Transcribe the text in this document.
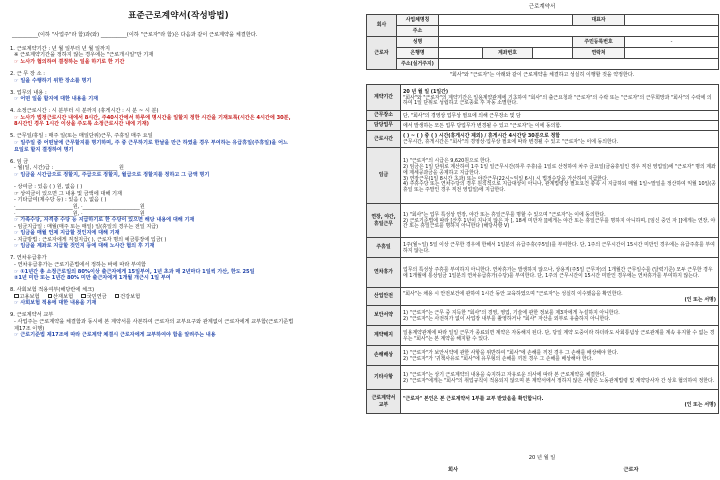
표준근로계약서(작성방법)
__________(이하 "사업주"라 함)과(와) __________(이하 "근로자"라 함)은 다음과 같이 근로계약을 체결한다.
1. 근로계약기간 : 년 월 일부터 년 월 일까지
※ 근로계약기간을 정하지 않는 경우에는 "근로개시일"만 기재
☞ 노사가 협의하여 결정하는 일을 하기로 한 기간
2. 근 무 장 소 :
☞ 일을 수행하기 위한 장소를 명기
3. 업무의 내용 :
☞ 어떤 일을 할지에 대한 내용을 기재
4. 소정근로시간 : 시 분부터 시 분까지 (휴게시간 : 시 분 ~ 시 분)
☞ 노사가 법정근로시간 내에서 8시간, 주40시간에서 하루에 명시간을 일할지 정한 시간을 기재토록(시간은 4시간에 30분,
8시간인 경우 1시간 이상을 주도록 소정근로시간 내에 기재)
5. 근무일/휴일 : 매주 일(또는 매일단위)근무, 주휴일 매주 요일
☞ 일주일 중 어떤날에 근무할지를 명기하며, 주 중 근무하기로 한날을 만근 하였을 경우 부여하는 유급휴일(주휴일)을 어느
요일로 할지 결정하여 명기
6. 임 금
- 월(일, 시간)급 : ________________________ 원
☞ 임금을 시간급으로 정할지, 주급으로 정할지, 월급으로 정할지를 정하고 그 금액 명기
- 상여금 : 있음 ( ) 원, 없음 ( )
☞ 상여금이 있으면 그 내용 및 금액에 대해 기재
- 기타급여(제수당 등) : 있음 ( ), 없음 ( )
·______________________원, ·______________________원
·______________________원, ·______________________원
☞ 가족수당, 자격증 수당 등 지급하기로 한 수당이 있으면 해당 내용에 대해 기재
- 임금지급일 : 매월(매주 또는 매일) 일(휴일의 경우는 전일 지급)
☞ 임금을 매월 언제 지급할 것인지에 대해 기재
- 지급방법 : 근로자에게 직접지급( ), 근로자 명의 예금통장에 입금( )
☞ 임금을 계좌로 지급할 것인지 등에 대해 노사간 협의 후 기재
7. 연차유급휴가
- 연차유급휴가는 근로기준법에서 정하는 바에 따라 부여함
☞ ①1년간 총 소정근로일의 80%이상 출근자에게 15일부여, 1년 초과 매 2년마다 1일씩 가산, 한도 25일
②1년 미만 또는 1년간 80% 미만 출근자에게 1개월 개근시 1일 부여
8. 사회보험 적용여부(해당란에 체크)
고용보험	산재보험	국민연금	건강보험
☞ 사회보험 적용에 대한 내용을 기재
9. 근로계약서 교부
- 사업주는 근로계약을 체결함과 동시에 본 계약서를 사본하여 근로자의 교부요구와 관계없이 근로자에게 교부함(근로기준법
제17조 이행)
☞ 근로기준법 제17조에 따라 근로계약 체결시 근로자에게 교부하여야 함을 알려주는 내용
근로계약서
회사	사업체명칭				대표자	
	주소					
근로자	성명				주민등록번호	-
	은행명		계좌번호		연락처	
	주소(실거주지)					
"회사"와 "근로자"는 아래와 같이 근로계약을 체결하고 성실히 이행할 것을 약정한다.
계약기간	20 년 월 일 (1일간)
"회사"와 "근로자"의 계약기간은 일용계약관계에 기초하여 "회사"의 출근요청과 "근로자"의 수락 또는 "근로자"의 근무희망과 "회사"의 수락에 의하여 1일 단위로 성립하고 근로종료 후 자동 소멸한다.

근무장소	단, "회사"의 경영상 업무상 필요에 의해 근무장소 및 담

담당업무	에서 발생하는 모든 업무 당업무가 변경될 수 있고 "근로자"는 이에 동의함.

근로시간	( ) ~ ( ) 중 ( ) 시간(휴게시간 제외) / 휴게시간 4시간당 30분으로 정함
근무시간, 휴게시간은 "회사"의 경영상·업무상 필요에 따라 변경될 수 있고 "근로자"는 이에 동의한다.

임금	1) "근로자"의 시급은 9,620원으로 한다.
2) 임금은 1일 단위로 계산하여 1주 1일 일근무시간(하루 주휴)을 1일로 산정하여 차주 금요일(금융휴일인 경우 직전 영업일)에 "근로자" 명의 계좌에 제세공과금을 공제하고 지급한다.
3) 연장근무(1일 8시간 초과) 또는 야간근무(22시~익일 6시) 시 법정수당을 가산하여 지급한다.
4) 주휴수당 또는 연차수당의 경우 원칙적으로 지급대상이 아니나, 관계법령상 필요요건 충족 시 지급하되 매월 1일~말일을 정산하여 익월 10일(공휴일 또는 주말인 경우 직전 영업일)에 지급한다.

연장, 야간, 휴일근무	1) "회사"는 업무 특성상 연장, 야간 또는 휴일근무를 명할 수 있으며 "근로자"는 이에 동의한다.
2) 근로기준법에 따라 [산후 1년이 지나지 않은 자 ], 18세 미만자 ]]에게는 야간 또는 휴일근무를 명하지 아니하며, [임신 중인 자 ]]에게는 연장, 야간 또는 휴일근로를 명하지 아니한다 (해당사항 V)

주휴일	1주(월~일) 5일 이상 근무한 경우에 한해서 1일분의 유급주휴(주5일)를 부여한다. 단, 1주의 근무시간이 15시간 미만인 경우에는 유급주휴를 부여하지 않는다.

연차휴가	업무의 특성상 주휴를 부여하지 아니한다. 연차휴가는 발생하지 않으나, 상용직(주5일 근무자)의 1개월간 근무일수를 (달력기준) 모두 근무한 경우에 1개월에 통상임금 1일분의 연차유급휴가(수당)를 부여한다. 단, 1주의 근무시간이 15시간 미만인 경우에는 연차휴가를 부여하지 않는다.

산업안전	"회사"는 채용 시 안전보건에 관하여 1시간 동안 교육하였으며 "근로자"는 성실히 이수했음을 확인한다.
(인 또는 서명)

보안서약	1) "근로자"는 근무 중 지득한 "회사"의 경영, 영업, 기술에 관한 정보를 제3자에게 누설하지 아니한다.
2) "근로자"는 사전허가 없이 사업장 내부를 촬영하거나 "회사" 자산을 외부로 유출하지 아니한다.

계약해지	일용계약관계에 따라 일일 근무가 종료되면 계약은 자동해지 된다. 단, 당일 계약 도중이라 하더라도 사회통념상 근로관계를 계속 유지할 수 없는 경우는 "회사"는 본 계약을 해지할 수 있다.

손해배상	1) "근로자"가 보안서약에 관한 사항을 위반하여 "회사"에 손해를 끼친 경우 그 손해를 배상해야 한다.
2) "근로자"가 '귀책사유로 "회사"에 유무형의 손해를 끼친 경우 그 손해를 배상해야 한다.

기타사항	1) "근로자"는 상기 근로계약의 내용을 숙지하고 자유로운 의사에 따라 본 근로계약을 체결한다.
2) "근로자"에게는 "회사"의 취업규칙이 적용되지 않으며 본 계약서에서 정하지 않은 사항은 노동관계법령 및 계약당사자 간 상호 협의하여 정한다.

근로계약서 교부	"근로자" 본인은 본 근로계약서 1부를 교부 받았음을 확인합니다.
(인 또는 서명)
20 년 월 일
회사	근로자
